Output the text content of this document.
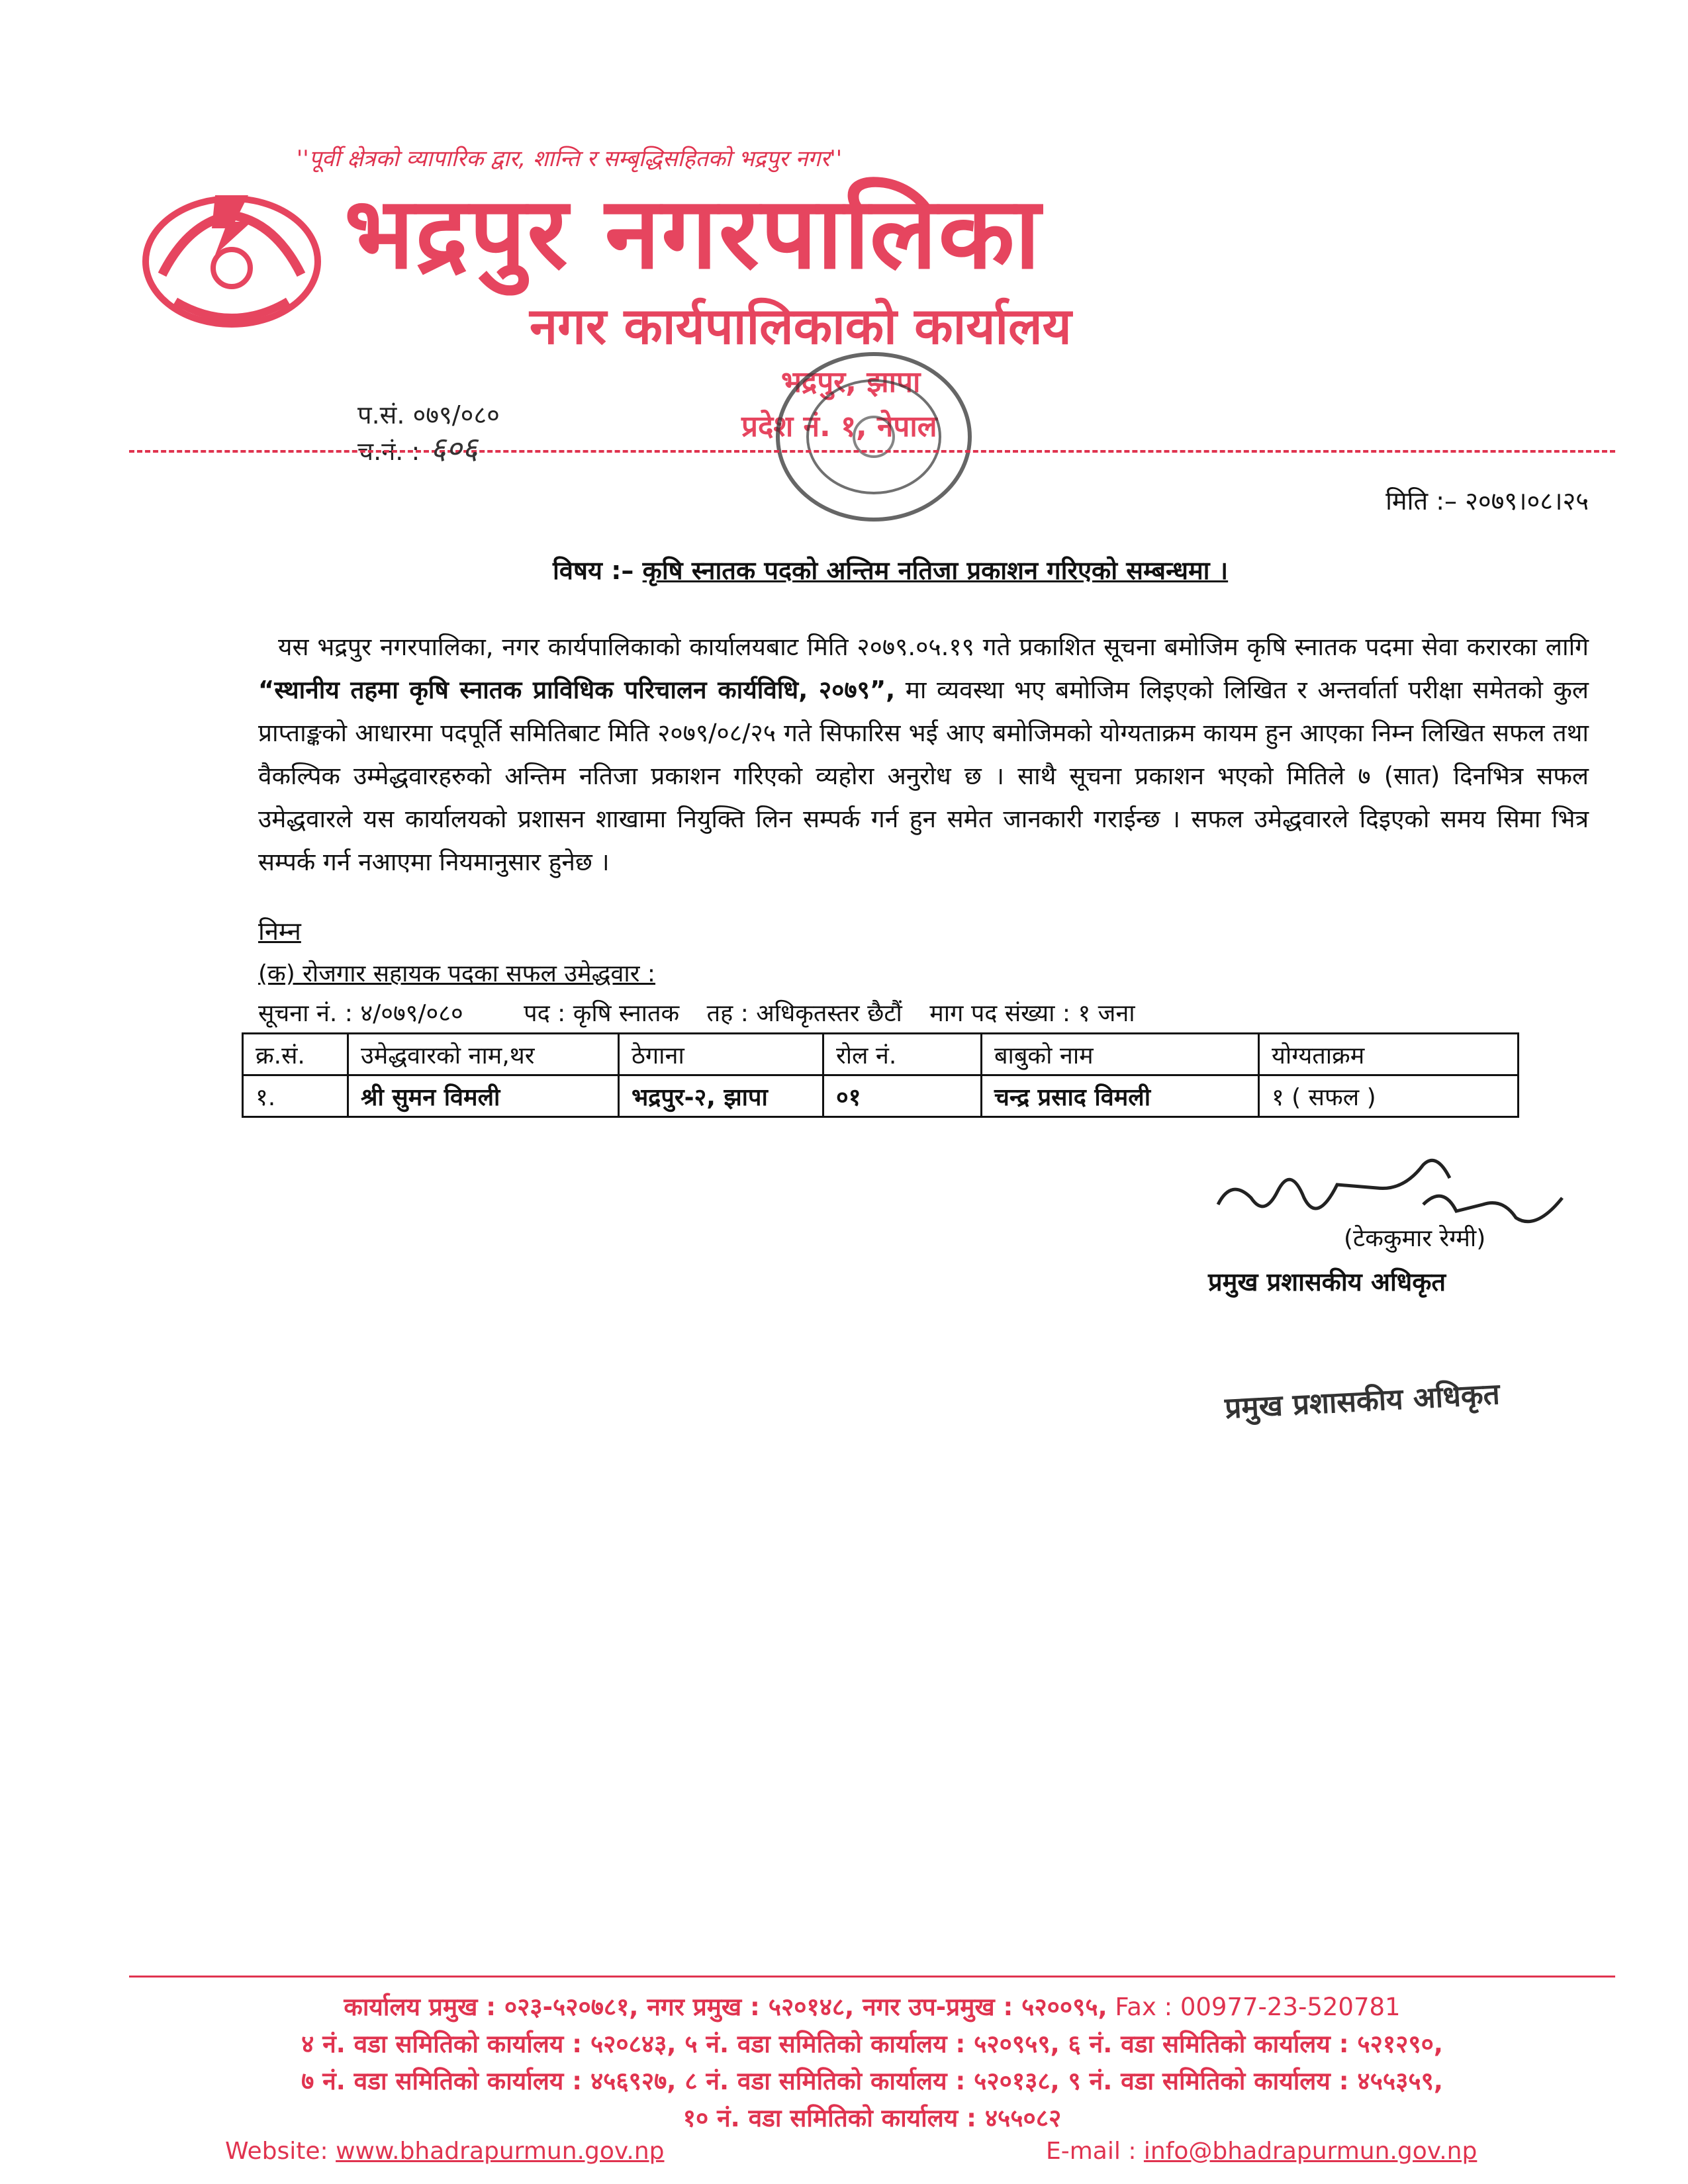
''पूर्वी क्षेत्रको व्यापारिक द्वार, शान्ति र सम्बृद्धिसहितको भद्रपुर नगर''
भद्रपुर नगरपालिका
नगर कार्यपालिकाको कार्यालय
भद्रपुर, झापा
प्रदेश नं. १, नेपाल
प.सं. ०७९/०८०
च.नं. : ६०६
मिति :– २०७९।०८।२५
विषय :– कृषि स्नातक पदको अन्तिम नतिजा प्रकाशन गरिएको सम्बन्धमा ।
यस भद्रपुर नगरपालिका, नगर कार्यपालिकाको कार्यालयबाट मिति २०७९.०५.१९ गते प्रकाशित सूचना बमोजिम कृषि स्नातक पदमा सेवा करारका लागि “स्थानीय तहमा कृषि स्नातक प्राविधिक परिचालन कार्यविधि, २०७९”, मा व्यवस्था भए बमोजिम लिइएको लिखित र अन्तर्वार्ता परीक्षा समेतको कुल प्राप्ताङ्कको आधारमा पदपूर्ति समितिबाट मिति २०७९/०८/२५ गते सिफारिस भई आए बमोजिमको योग्यताक्रम कायम हुन आएका निम्न लिखित सफल तथा वैकल्पिक उम्मेद्धवारहरुको अन्तिम नतिजा प्रकाशन गरिएको व्यहोरा अनुरोध छ । साथै सूचना प्रकाशन भएको मितिले ७ (सात) दिनभित्र सफल उमेद्धवारले यस कार्यालयको प्रशासन शाखामा नियुक्ति लिन सम्पर्क गर्न हुन समेत जानकारी गराईन्छ । सफल उमेद्धवारले दिइएको समय सिमा भित्र सम्पर्क गर्न नआएमा नियमानुसार हुनेछ ।
निम्न
(क) रोजगार सहायक पदका सफल उमेद्धवार :
सूचना नं. : ४/०७९/०८०	पद : कृषि स्नातक तह : अधिकृतस्तर छैटौं माग पद संख्या : १ जना
क्र.सं.	उमेद्धवारको नाम,थर	ठेगाना	रोल नं.	बाबुको नाम	योग्यताक्रम
१.	श्री सुमन विमली	भद्रपुर-२, झापा	०१	चन्द्र प्रसाद विमली	१ ( सफल )
(टेककुमार रेग्मी)
प्रमुख प्रशासकीय अधिकृत
प्रमुख प्रशासकीय अधिकृत
कार्यालय प्रमुख : ०२३-५२०७८१, नगर प्रमुख : ५२०१४८, नगर उप-प्रमुख : ५२००९५, Fax : 00977-23-520781
४ नं. वडा समितिको कार्यालय : ५२०८४३, ५ नं. वडा समितिको कार्यालय : ५२०९५९, ६ नं. वडा समितिको कार्यालय : ५२१२९०,
७ नं. वडा समितिको कार्यालय : ४५६९२७, ८ नं. वडा समितिको कार्यालय : ५२०१३८, ९ नं. वडा समितिको कार्यालय : ४५५३५९,
१० नं. वडा समितिको कार्यालय : ४५५०८२
Website: www.bhadrapurmun.gov.np	E-mail : info@bhadrapurmun.gov.np
